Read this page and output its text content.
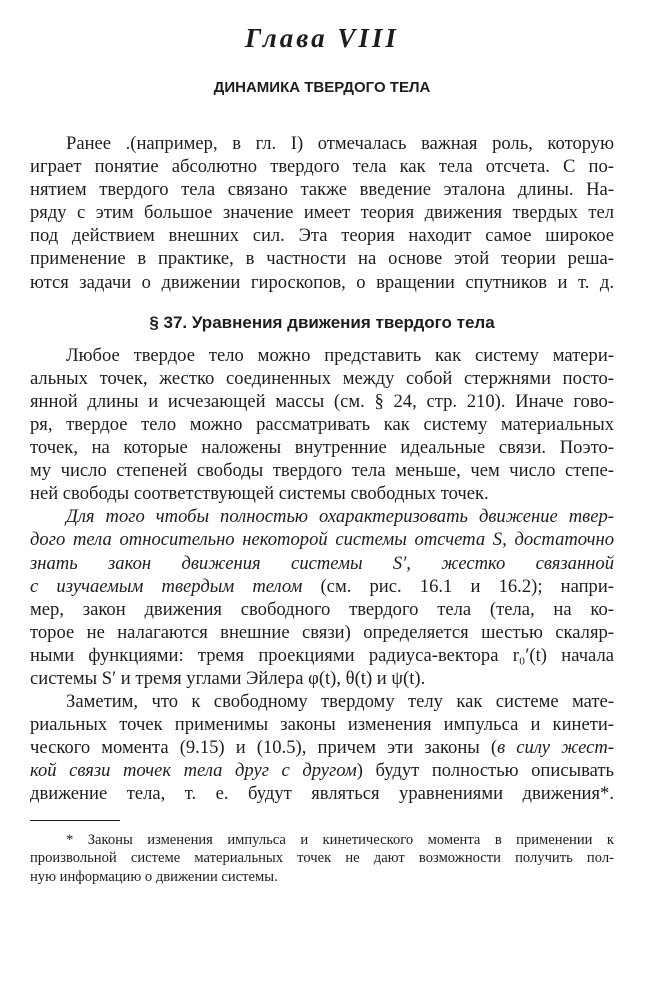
Глава VIII
ДИНАМИКА ТВЕРДОГО ТЕЛА
Ранее .(например, в гл. I) отмечалась важная роль, которую
играет понятие абсолютно твердого тела как тела отсчета. С по-
нятием твердого тела связано также введение эталона длины. На-
ряду с этим большое значение имеет теория движения твердых тел
под действием внешних сил. Эта теория находит самое широкое
применение в практике, в частности на основе этой теории реша-
ются задачи о движении гироскопов, о вращении спутников и т. д.
§ 37. Уравнения движения твердого тела
Любое твердое тело можно представить как систему матери-
альных точек, жестко соединенных между собой стержнями посто-
янной длины и исчезающей массы (см. § 24, стр. 210). Иначе гово-
ря, твердое тело можно рассматривать как систему материальных
точек, на которые наложены внутренние идеальные связи. Поэто-
му число степеней свободы твердого тела меньше, чем число степе-
ней свободы соответствующей системы свободных точек.
Для того чтобы полностью охарактеризовать движение твер-
дого тела относительно некоторой системы отсчета S, достаточно
знать закон движения системы S′, жестко связанной
с изучаемым твердым телом (см. рис. 16.1 и 16.2); напри-
мер, закон движения свободного твердого тела (тела, на ко-
торое не налагаются внешние связи) определяется шестью скаляр-
ными функциями: тремя проекциями радиуса-вектора r₀′(t) начала
системы S′ и тремя углами Эйлера φ(t), θ(t) и ψ(t).
Заметим, что к свободному твердому телу как системе мате-
риальных точек применимы законы изменения импульса и кинети-
ческого момента (9.15) и (10.5), причем эти законы (в силу жест-
кой связи точек тела друг с другом) будут полностью описывать
движение тела, т. е. будут являться уравнениями движения*.
* Законы изменения импульса и кинетического момента в применении к
произвольной системе материальных точек не дают возможности получить пол-
ную информацию о движении системы.
